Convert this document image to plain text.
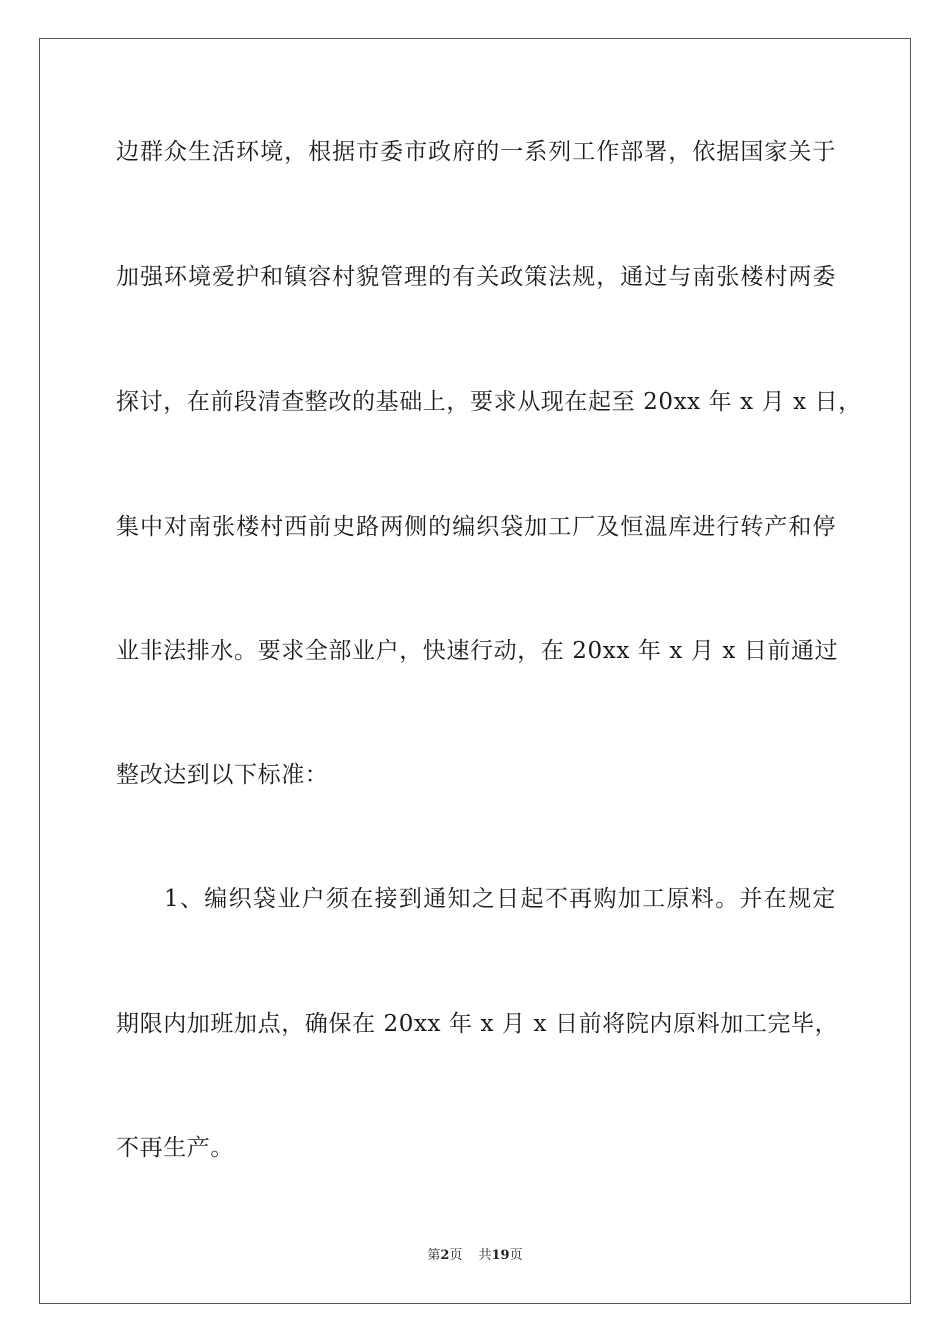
边群众生活环境，根据市委市政府的一系列工作部署，依据国家关于
加强环境爱护和镇容村貌管理的有关政策法规，通过与南张楼村两委
探讨，在前段清查整改的基础上，要求从现在起至 20xx 年 x 月 x 日，
集中对南张楼村西前史路两侧的编织袋加工厂及恒温库进行转产和停
业非法排水。要求全部业户，快速行动，在 20xx 年 x 月 x 日前通过
整改达到以下标准：
1、编织袋业户须在接到通知之日起不再购加工原料。并在规定
期限内加班加点，确保在 20xx 年 x 月 x 日前将院内原料加工完毕，
不再生产。
第2页 共19页
